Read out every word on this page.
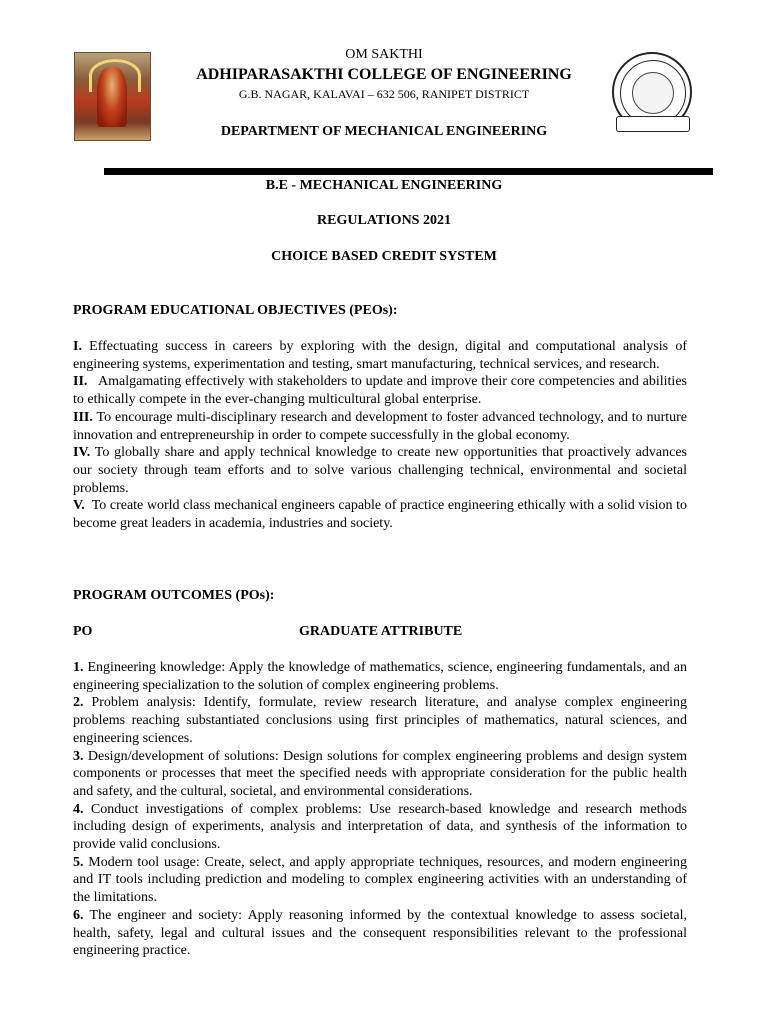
OM SAKTHI
ADHIPARASAKTHI COLLEGE OF ENGINEERING
G.B. NAGAR, KALAVAI – 632 506, RANIPET DISTRICT
DEPARTMENT OF MECHANICAL ENGINEERING
B.E - MECHANICAL ENGINEERING
REGULATIONS 2021
CHOICE BASED CREDIT SYSTEM
PROGRAM EDUCATIONAL OBJECTIVES (PEOs):

I. Effectuating success in careers by exploring with the design, digital and computational analysis of engineering systems, experimentation and testing, smart manufacturing, technical services, and research.

II.   Amalgamating effectively with stakeholders to update and improve their core competencies and abilities to ethically compete in the ever-changing multicultural global enterprise.

III. To encourage multi-disciplinary research and development to foster advanced technology, and to nurture innovation and entrepreneurship in order to compete successfully in the global economy.

IV. To globally share and apply technical knowledge to create new opportunities that proactively advances our society through team efforts and to solve various challenging technical, environmental and societal problems.

V.  To create world class mechanical engineers capable of practice engineering ethically with a solid vision to become great leaders in academia, industries and society.

PROGRAM OUTCOMES (POs):
PO	GRADUATE ATTRIBUTE

1. Engineering knowledge: Apply the knowledge of mathematics, science, engineering fundamentals, and an engineering specialization to the solution of complex engineering problems.

2. Problem analysis: Identify, formulate, review research literature, and analyse complex engineering problems reaching substantiated conclusions using first principles of mathematics, natural sciences, and engineering sciences.

3. Design/development of solutions: Design solutions for complex engineering problems and design system components or processes that meet the specified needs with appropriate consideration for the public health and safety, and the cultural, societal, and environmental considerations.

4. Conduct investigations of complex problems: Use research-based knowledge and research methods including design of experiments, analysis and interpretation of data, and synthesis of the information to provide valid conclusions.

5. Modern tool usage: Create, select, and apply appropriate techniques, resources, and modern engineering and IT tools including prediction and modeling to complex engineering activities with an understanding of the limitations.

6. The engineer and society: Apply reasoning informed by the contextual knowledge to assess societal, health, safety, legal and cultural issues and the consequent responsibilities relevant to the professional engineering practice.
